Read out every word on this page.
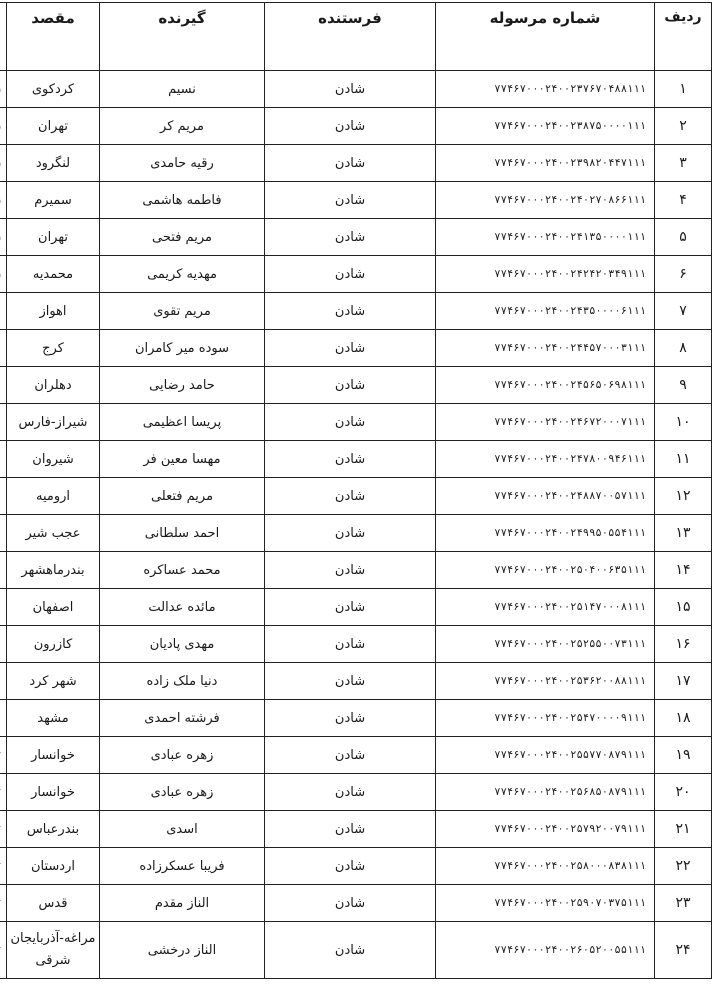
	مقصد	گیرنده	فرستنده	شماره مرسوله	ردیف
	کردکوی	نسیم	شادن	۷۷۴۶۷۰۰۰۲۴۰۰۲۳۷۶۷۰۴۸۸۱۱۱	۱
	تهران	مریم کر	شادن	۷۷۴۶۷۰۰۰۲۴۰۰۲۳۸۷۵۰۰۰۰۱۱۱	۲
	لنگرود	رقیه حامدی	شادن	۷۷۴۶۷۰۰۰۲۴۰۰۲۳۹۸۲۰۴۴۷۱۱۱	۳
	سمیرم	فاطمه هاشمی	شادن	۷۷۴۶۷۰۰۰۲۴۰۰۲۴۰۲۷۰۸۶۶۱۱۱	۴
	تهران	مریم فتحی	شادن	۷۷۴۶۷۰۰۰۲۴۰۰۲۴۱۳۵۰۰۰۰۱۱۱	۵
	محمدیه	مهدیه کریمی	شادن	۷۷۴۶۷۰۰۰۲۴۰۰۲۴۲۴۲۰۳۴۹۱۱۱	۶
	اهواز	مریم تقوی	شادن	۷۷۴۶۷۰۰۰۲۴۰۰۲۴۳۵۰۰۰۰۶۱۱۱	۷
	کرج	سوده میر کامران	شادن	۷۷۴۶۷۰۰۰۲۴۰۰۲۴۴۵۷۰۰۰۳۱۱۱	۸
	دهلران	حامد رضایی	شادن	۷۷۴۶۷۰۰۰۲۴۰۰۲۴۵۶۵۰۶۹۸۱۱۱	۹
	شیراز-فارس	پریسا اعظیمی	شادن	۷۷۴۶۷۰۰۰۲۴۰۰۲۴۶۷۲۰۰۰۷۱۱۱	۱۰
	شیروان	مهسا معین فر	شادن	۷۷۴۶۷۰۰۰۲۴۰۰۲۴۷۸۰۰۹۴۶۱۱۱	۱۱
	ارومیه	مریم فتعلی	شادن	۷۷۴۶۷۰۰۰۲۴۰۰۲۴۸۸۷۰۰۵۷۱۱۱	۱۲
	عجب شیر	احمد سلطانی	شادن	۷۷۴۶۷۰۰۰۲۴۰۰۲۴۹۹۵۰۵۵۴۱۱۱	۱۳
	بندرماهشهر	محمد عساکره	شادن	۷۷۴۶۷۰۰۰۲۴۰۰۲۵۰۴۰۰۶۳۵۱۱۱	۱۴
	اصفهان	مائده عدالت	شادن	۷۷۴۶۷۰۰۰۲۴۰۰۲۵۱۴۷۰۰۰۸۱۱۱	۱۵
	کازرون	مهدی پادیان	شادن	۷۷۴۶۷۰۰۰۲۴۰۰۲۵۲۵۵۰۰۷۳۱۱۱	۱۶
	شهر کرد	دنیا ملک زاده	شادن	۷۷۴۶۷۰۰۰۲۴۰۰۲۵۳۶۲۰۰۸۸۱۱۱	۱۷
	مشهد	فرشته احمدی	شادن	۷۷۴۶۷۰۰۰۲۴۰۰۲۵۴۷۰۰۰۰۹۱۱۱	۱۸
	خوانسار	زهره عبادی	شادن	۷۷۴۶۷۰۰۰۲۴۰۰۲۵۵۷۷۰۸۷۹۱۱۱	۱۹
	خوانسار	زهره عبادی	شادن	۷۷۴۶۷۰۰۰۲۴۰۰۲۵۶۸۵۰۸۷۹۱۱۱	۲۰
	بندرعباس	اسدی	شادن	۷۷۴۶۷۰۰۰۲۴۰۰۲۵۷۹۲۰۰۷۹۱۱۱	۲۱
	اردستان	فریبا عسکرزاده	شادن	۷۷۴۶۷۰۰۰۲۴۰۰۲۵۸۰۰۰۸۳۸۱۱۱	۲۲
	قدس	الناز مقدم	شادن	۷۷۴۶۷۰۰۰۲۴۰۰۲۵۹۰۷۰۳۷۵۱۱۱	۲۳
	مراغه-آذربایجان شرقی	الناز درخشی	شادن	۷۷۴۶۷۰۰۰۲۴۰۰۲۶۰۵۲۰۰۵۵۱۱۱	۲۴
